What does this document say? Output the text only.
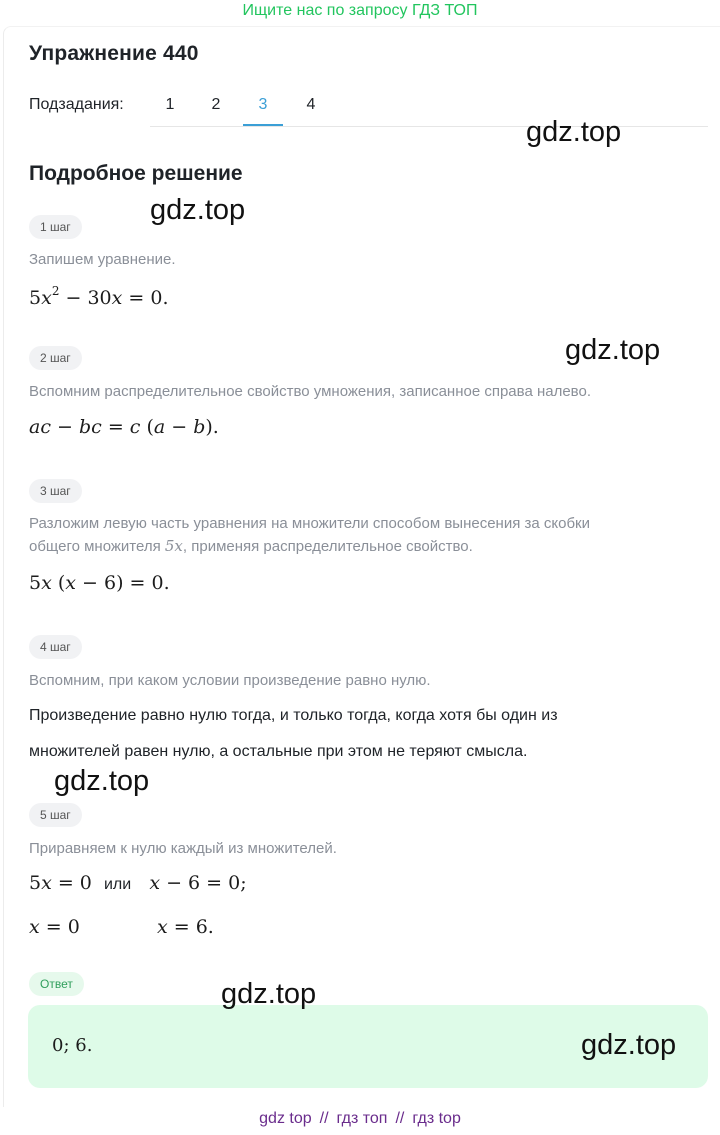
Ищите нас по запросу ГДЗ ТОП
Упражнение 440
Подзадания:	1	2	3	4
Подробное решение
1 шаг
Запишем уравнение.
$5x^2 - 30x = 0$.
2 шаг
Вспомним распределительное свойство умножения, записанное справа налево.
ac − bc = c (a − b).
3 шаг
Разложим левую часть уравнения на множители способом вынесения за скобки
общего множителя 5x, применяя распределительное свойство.
5x (x − 6) = 0.
4 шаг
Вспомним, при каком условии произведение равно нулю.
Произведение равно нулю тогда, и только тогда, когда хотя бы один из
множителей равен нулю, а остальные при этом не теряют смысла.
5 шаг
Приравняем к нулю каждый из множителей.
5x = 0  или x − 6 = 0;
x = 0	x = 6.
Ответ
0; 6.
gdz.top
gdz.top
gdz.top
gdz.top
gdz.top
gdz.top
gdz top // гдз топ // гдз top
